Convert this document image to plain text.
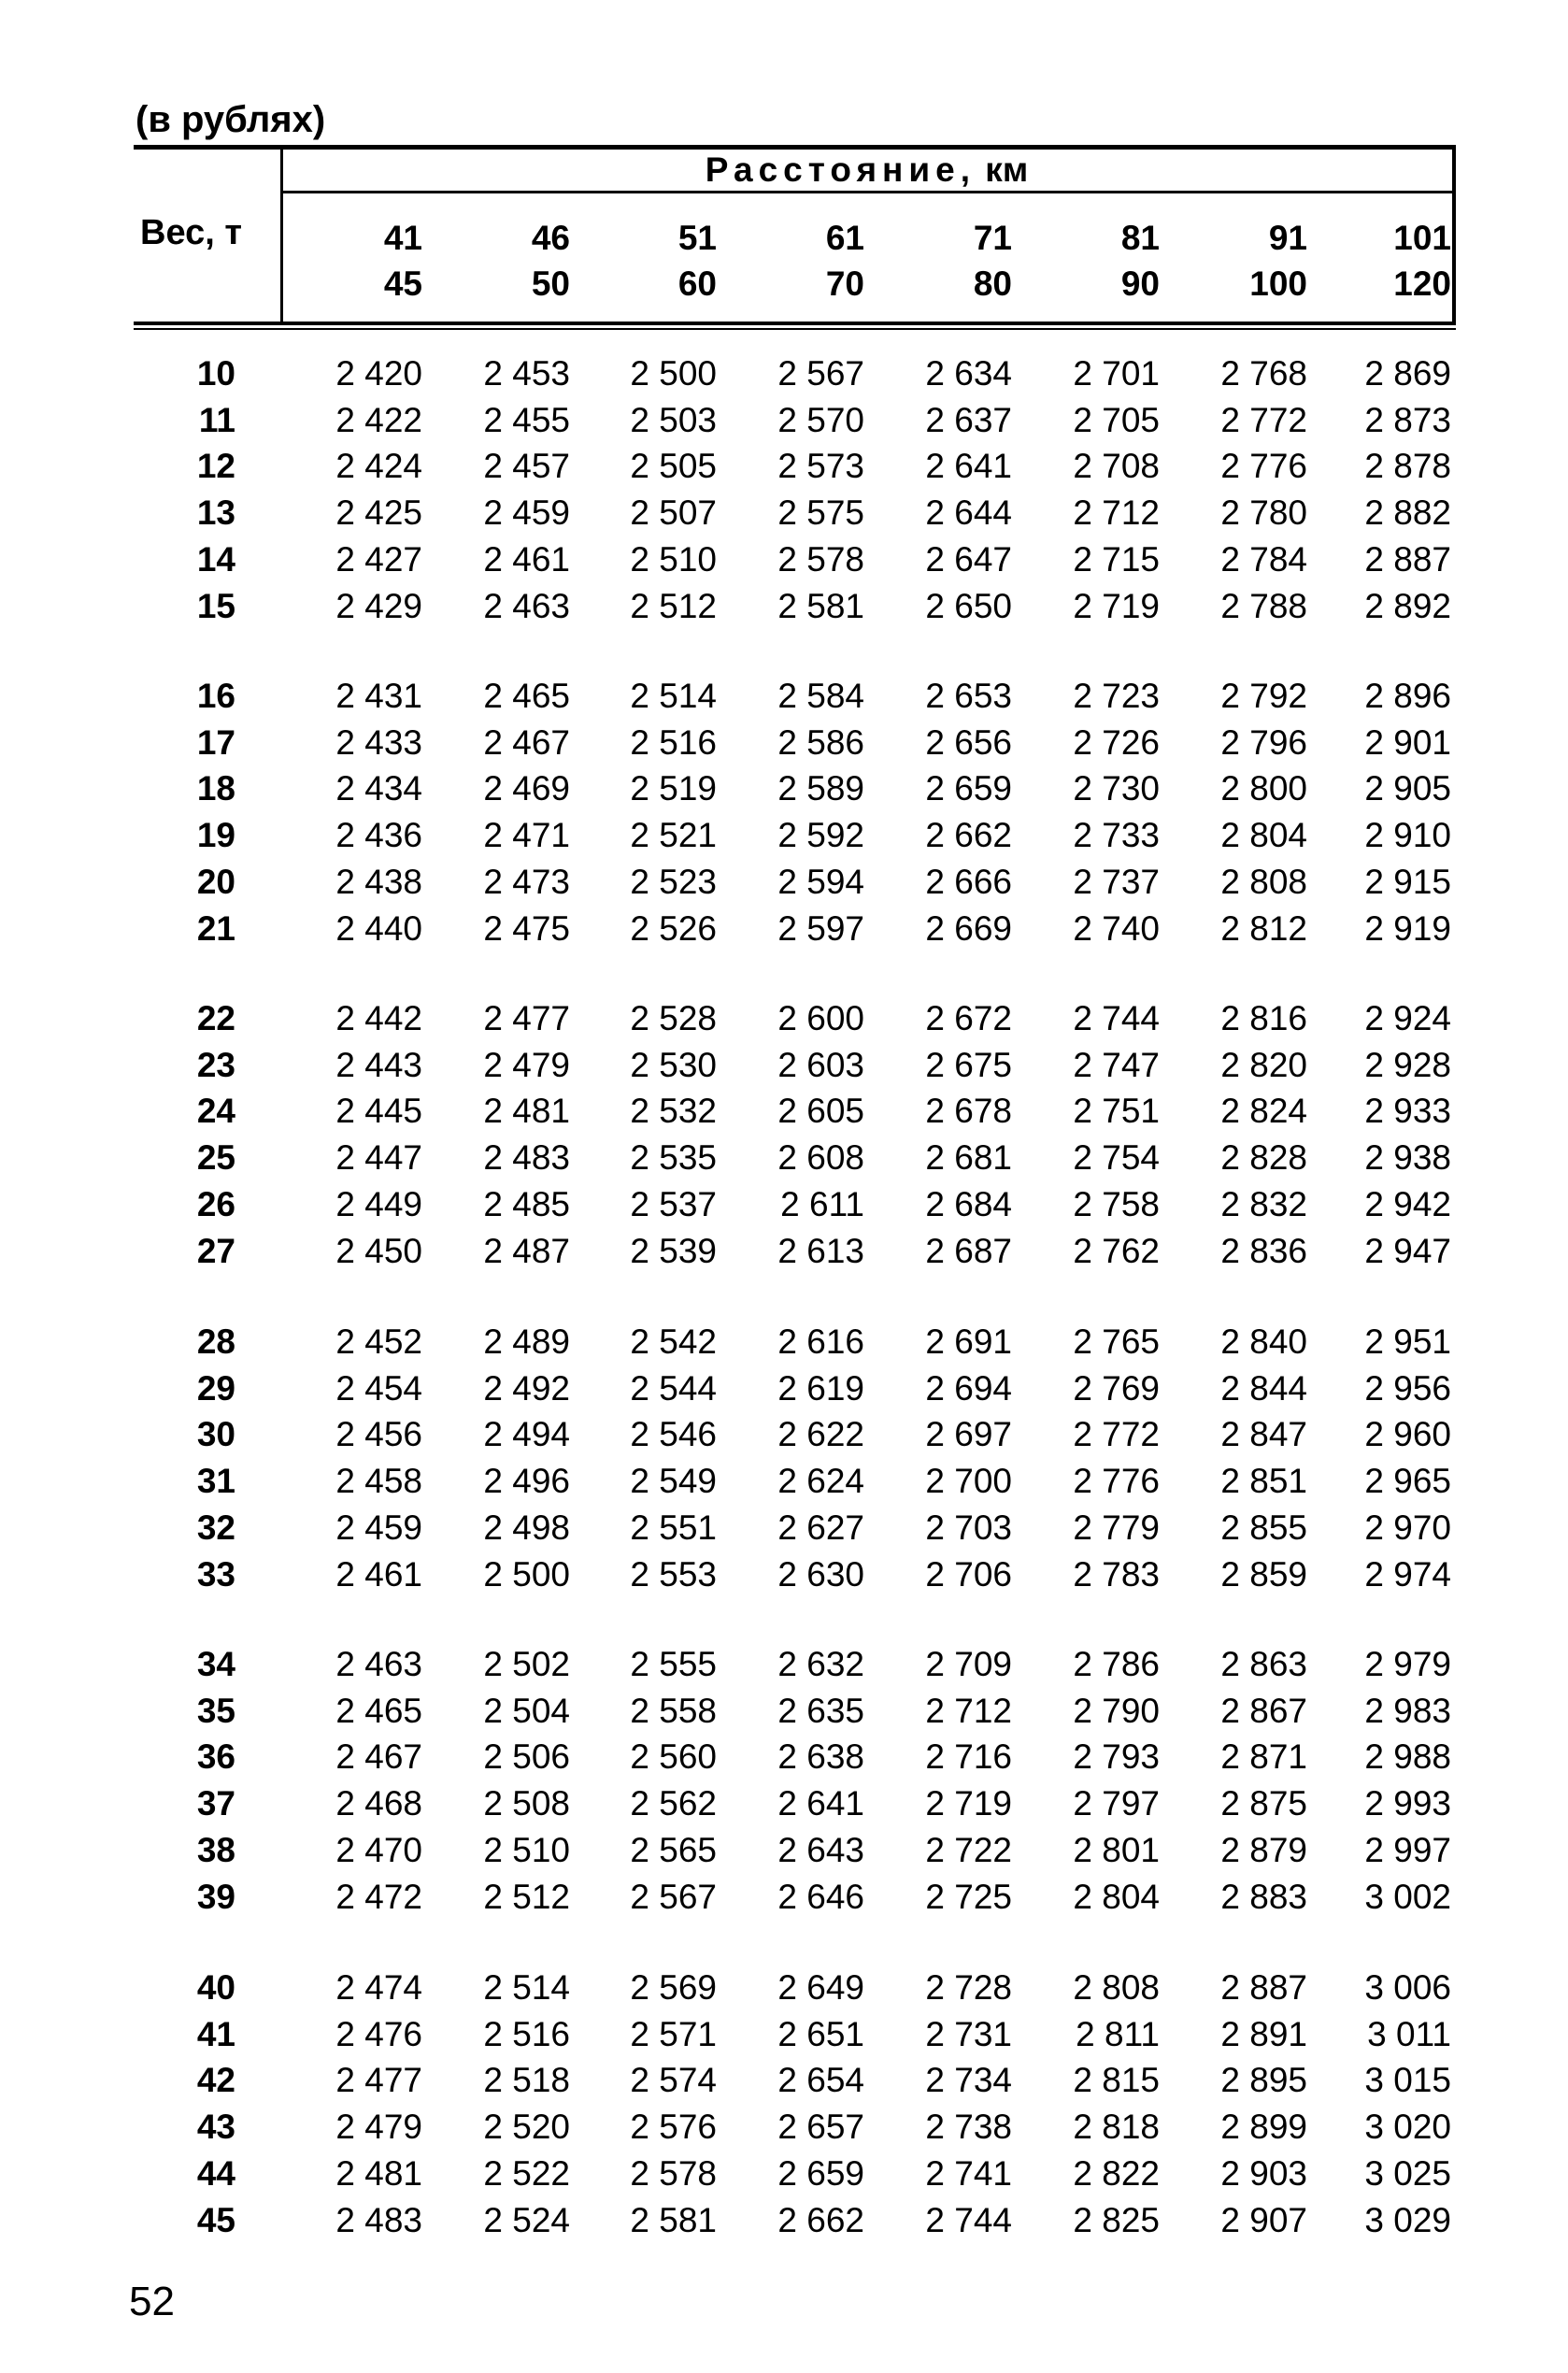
(в рублях)
Расстояние, км
Вес, т	41	46	51	61	71	81	91	101
45	50	60	70	80	90	100	120
10	2 420	2 453	2 500	2 567	2 634	2 701	2 768	2 869
11	2 422	2 455	2 503	2 570	2 637	2 705	2 772	2 873
12	2 424	2 457	2 505	2 573	2 641	2 708	2 776	2 878
13	2 425	2 459	2 507	2 575	2 644	2 712	2 780	2 882
14	2 427	2 461	2 510	2 578	2 647	2 715	2 784	2 887
15	2 429	2 463	2 512	2 581	2 650	2 719	2 788	2 892
16	2 431	2 465	2 514	2 584	2 653	2 723	2 792	2 896
17	2 433	2 467	2 516	2 586	2 656	2 726	2 796	2 901
18	2 434	2 469	2 519	2 589	2 659	2 730	2 800	2 905
19	2 436	2 471	2 521	2 592	2 662	2 733	2 804	2 910
20	2 438	2 473	2 523	2 594	2 666	2 737	2 808	2 915
21	2 440	2 475	2 526	2 597	2 669	2 740	2 812	2 919
22	2 442	2 477	2 528	2 600	2 672	2 744	2 816	2 924
23	2 443	2 479	2 530	2 603	2 675	2 747	2 820	2 928
24	2 445	2 481	2 532	2 605	2 678	2 751	2 824	2 933
25	2 447	2 483	2 535	2 608	2 681	2 754	2 828	2 938
26	2 449	2 485	2 537	2 611	2 684	2 758	2 832	2 942
27	2 450	2 487	2 539	2 613	2 687	2 762	2 836	2 947
28	2 452	2 489	2 542	2 616	2 691	2 765	2 840	2 951
29	2 454	2 492	2 544	2 619	2 694	2 769	2 844	2 956
30	2 456	2 494	2 546	2 622	2 697	2 772	2 847	2 960
31	2 458	2 496	2 549	2 624	2 700	2 776	2 851	2 965
32	2 459	2 498	2 551	2 627	2 703	2 779	2 855	2 970
33	2 461	2 500	2 553	2 630	2 706	2 783	2 859	2 974
34	2 463	2 502	2 555	2 632	2 709	2 786	2 863	2 979
35	2 465	2 504	2 558	2 635	2 712	2 790	2 867	2 983
36	2 467	2 506	2 560	2 638	2 716	2 793	2 871	2 988
37	2 468	2 508	2 562	2 641	2 719	2 797	2 875	2 993
38	2 470	2 510	2 565	2 643	2 722	2 801	2 879	2 997
39	2 472	2 512	2 567	2 646	2 725	2 804	2 883	3 002
40	2 474	2 514	2 569	2 649	2 728	2 808	2 887	3 006
41	2 476	2 516	2 571	2 651	2 731	2 811	2 891	3 011
42	2 477	2 518	2 574	2 654	2 734	2 815	2 895	3 015
43	2 479	2 520	2 576	2 657	2 738	2 818	2 899	3 020
44	2 481	2 522	2 578	2 659	2 741	2 822	2 903	3 025
45	2 483	2 524	2 581	2 662	2 744	2 825	2 907	3 029
52
